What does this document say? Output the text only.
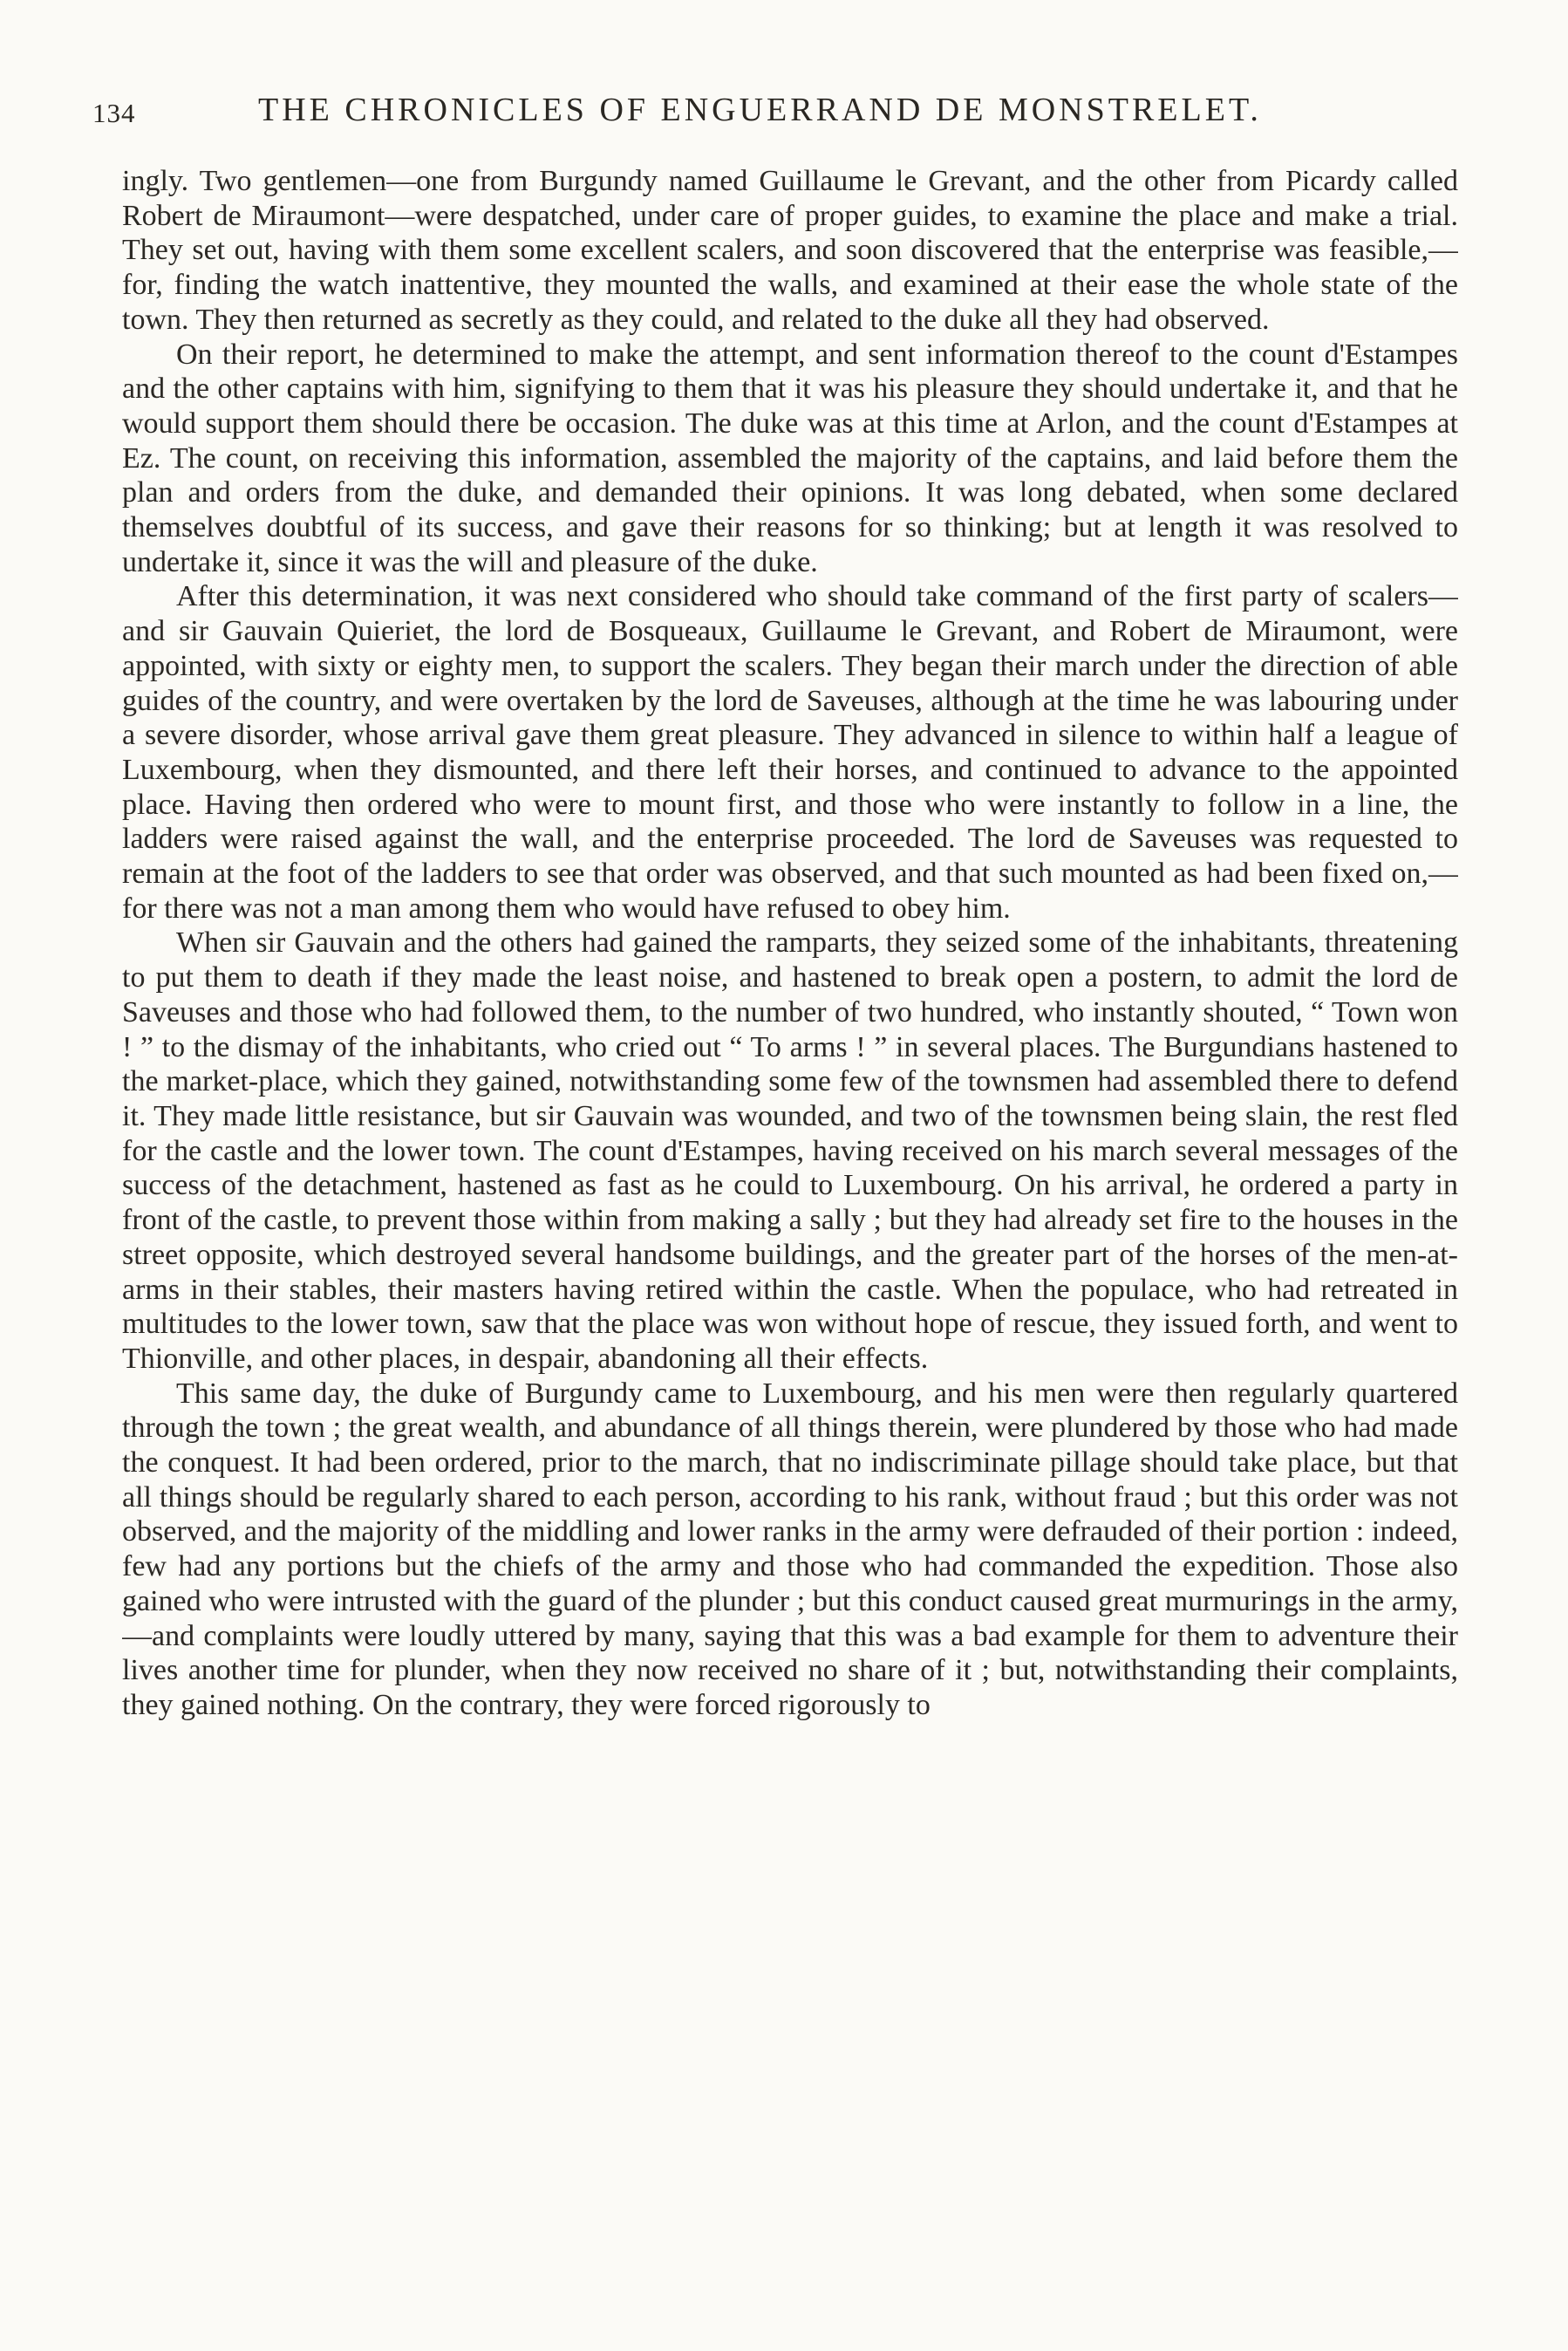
134	THE CHRONICLES OF ENGUERRAND DE MONSTRELET.

ingly. Two gentlemen—one from Burgundy named Guillaume le Grevant, and the other from Picardy called Robert de Miraumont—were despatched, under care of proper guides, to examine the place and make a trial. They set out, having with them some excellent scalers, and soon discovered that the enterprise was feasible,—for, finding the watch inattentive, they mounted the walls, and examined at their ease the whole state of the town. They then returned as secretly as they could, and related to the duke all they had observed.

On their report, he determined to make the attempt, and sent information thereof to the count d'Estampes and the other captains with him, signifying to them that it was his pleasure they should undertake it, and that he would support them should there be occasion. The duke was at this time at Arlon, and the count d'Estampes at Ez. The count, on receiving this information, assembled the majority of the captains, and laid before them the plan and orders from the duke, and demanded their opinions. It was long debated, when some declared themselves doubtful of its success, and gave their reasons for so thinking; but at length it was resolved to undertake it, since it was the will and pleasure of the duke.

After this determination, it was next considered who should take command of the first party of scalers—and sir Gauvain Quieriet, the lord de Bosqueaux, Guillaume le Grevant, and Robert de Miraumont, were appointed, with sixty or eighty men, to support the scalers. They began their march under the direction of able guides of the country, and were overtaken by the lord de Saveuses, although at the time he was labouring under a severe disorder, whose arrival gave them great pleasure. They advanced in silence to within half a league of Luxembourg, when they dismounted, and there left their horses, and continued to advance to the appointed place. Having then ordered who were to mount first, and those who were instantly to follow in a line, the ladders were raised against the wall, and the enterprise proceeded. The lord de Saveuses was requested to remain at the foot of the ladders to see that order was observed, and that such mounted as had been fixed on,—for there was not a man among them who would have refused to obey him.

When sir Gauvain and the others had gained the ramparts, they seized some of the inhabitants, threatening to put them to death if they made the least noise, and hastened to break open a postern, to admit the lord de Saveuses and those who had followed them, to the number of two hundred, who instantly shouted, “ Town won ! ” to the dismay of the inhabitants, who cried out “ To arms ! ” in several places. The Burgundians hastened to the market-place, which they gained, notwithstanding some few of the townsmen had assembled there to defend it. They made little resistance, but sir Gauvain was wounded, and two of the townsmen being slain, the rest fled for the castle and the lower town. The count d'Estampes, having received on his march several messages of the success of the detachment, hastened as fast as he could to Luxembourg. On his arrival, he ordered a party in front of the castle, to prevent those within from making a sally ; but they had already set fire to the houses in the street opposite, which destroyed several handsome buildings, and the greater part of the horses of the men-at-arms in their stables, their masters having retired within the castle. When the populace, who had retreated in multitudes to the lower town, saw that the place was won without hope of rescue, they issued forth, and went to Thionville, and other places, in despair, abandoning all their effects.

This same day, the duke of Burgundy came to Luxembourg, and his men were then regularly quartered through the town ; the great wealth, and abundance of all things therein, were plundered by those who had made the conquest. It had been ordered, prior to the march, that no indiscriminate pillage should take place, but that all things should be regularly shared to each person, according to his rank, without fraud ; but this order was not observed, and the majority of the middling and lower ranks in the army were defrauded of their portion : indeed, few had any portions but the chiefs of the army and those who had commanded the expedition. Those also gained who were intrusted with the guard of the plunder ; but this conduct caused great murmurings in the army,—and complaints were loudly uttered by many, saying that this was a bad example for them to adventure their lives another time for plunder, when they now received no share of it ; but, notwithstanding their complaints, they gained nothing. On the contrary, they were forced rigorously to
